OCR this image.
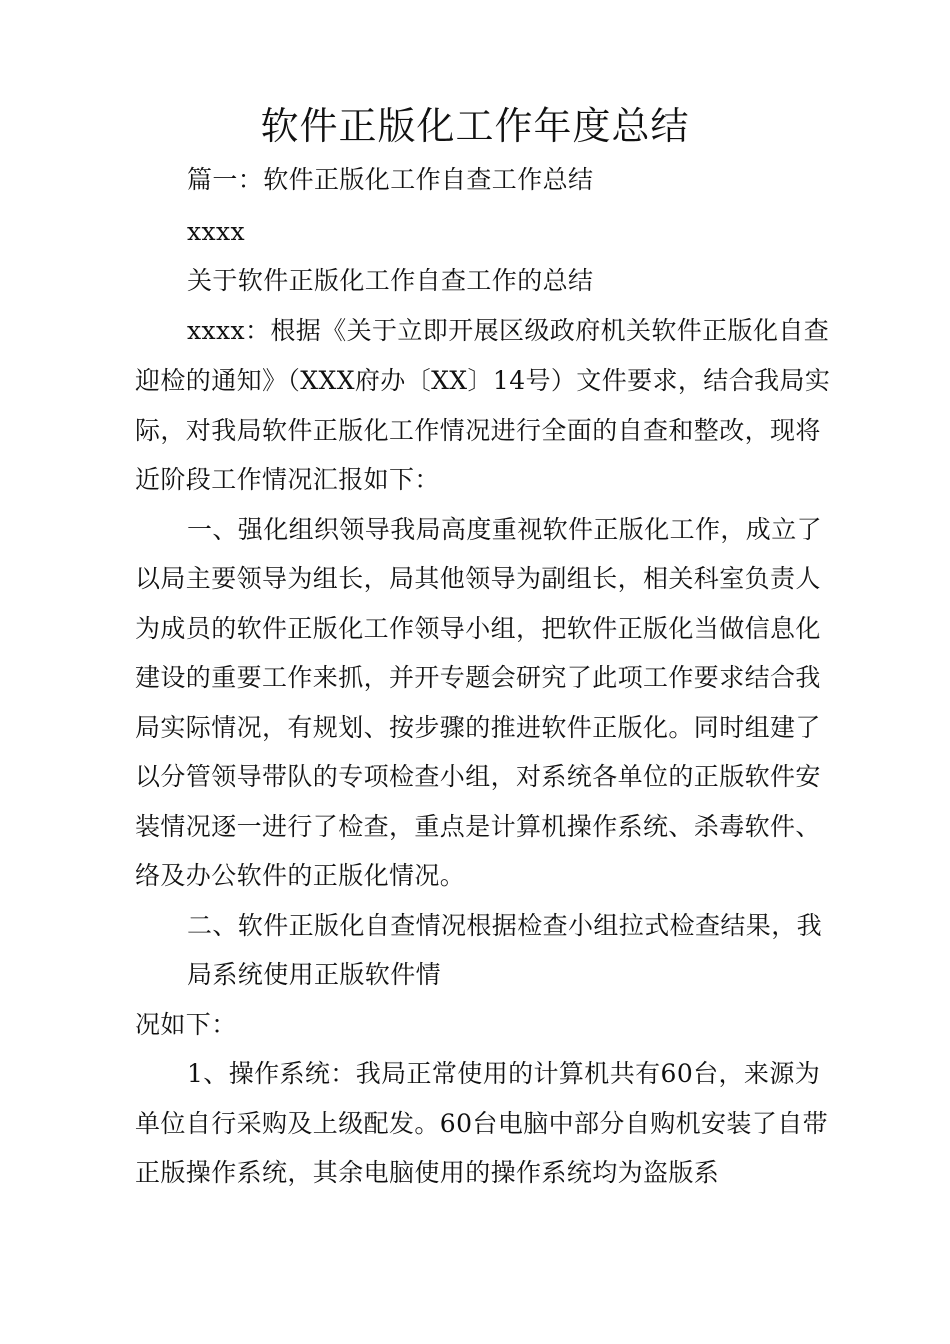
软件正版化工作年度总结
篇一：软件正版化工作自查工作总结
xxxx
关于软件正版化工作自查工作的总结
xxxx：根据《关于立即开展区级政府机关软件正版化自查
迎检的通知》（XXX府办〔XX〕14号）文件要求，结合我局实
际，对我局软件正版化工作情况进行全面的自查和整改，现将
近阶段工作情况汇报如下：
一、强化组织领导我局高度重视软件正版化工作，成立了
以局主要领导为组长，局其他领导为副组长，相关科室负责人
为成员的软件正版化工作领导小组，把软件正版化当做信息化
建设的重要工作来抓，并开专题会研究了此项工作要求结合我
局实际情况，有规划、按步骤的推进软件正版化。同时组建了
以分管领导带队的专项检查小组，对系统各单位的正版软件安
装情况逐一进行了检查，重点是计算机操作系统、杀毒软件、
络及办公软件的正版化情况。
二、软件正版化自查情况根据检查小组拉式检查结果，我
局系统使用正版软件情
况如下：
1、操作系统：我局正常使用的计算机共有60台，来源为
单位自行采购及上级配发。60台电脑中部分自购机安装了自带
正版操作系统，其余电脑使用的操作系统均为盗版系
